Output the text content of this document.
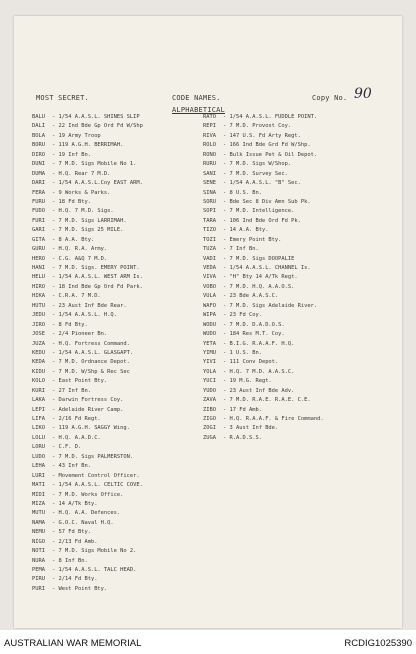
MOST SECRET.	CODE NAMES.	Copy No. 90
ALPHABETICAL
BALU - 1/54 A.A.S.L. SHINES SLIP
DALI - 22 Ind Bde Gp Ord Fd W/Shp
BOLA - 19 Army Troop
BORU - 119 A.G.H. BERRIMAH.
DIRO - 19 Inf Bn.
DUNI - 7 M.D. Sigs Mobile No 1.
DUMA - H.Q. Rear 7 M.D.
DARI - 1/54 A.A.S.L.Coy EAST ARM.
FERA - 9 Works & Parks.
FURU - 18 Fd Bty.
FUDO - H.Q. 7 M.D. Sigs.
FURI - 7 M.D. Sigs LARRIMAH.
GARI - 7 M.D. Sigs 25 MILE.
GITA - 8 A.A. Bty.
GURU - H.Q. R.A. Army.
HERO - C.G. A&Q 7 M.D.
HANI - 7 M.D. Sigs. EMERY POINT.
HELU - 1/54 A.A.S.L. WEST ARM Is.
HIRO - 18 Ind Bde Gp Ord Fd Park.
HIKA - C.R.A. 7 M.D.
HUTU - 23 Aust Inf Bde Rear.
JEDU - 1/54 A.A.S.L. H.Q.
JIRO - 8 Fd Bty.
JOSE - 2/4 Pioneer Bn.
JUZA - H.Q. Fortress Command.
KEDU - 1/54 A.A.S.L. GLASGAPT.
KEDA - 7 M.D. Ordnance Depot.
KIDU - 7 M.D. W/Shp & Rec Sec
KOLO - East Point Bty.
KURI - 27 Inf Bn.
LAKA - Darwin Fortress Coy.
LEPI - Adelaide River Camp.
LIFA - 2/16 Fd Regt.
LIKO - 119 A.G.H. SAGGY Wing.
LOLU - H.Q. A.A.D.C.
LORU - C.F. D.
LUDO - 7 M.D. Sigs PALMERSTON.
LEHA - 43 Inf Bn.
LURI - Movement Control Officer.
MATI - 1/54 A.A.S.L. CELTIC COVE.
MIDI - 7 M.D. Works Office.
MIZA - 14 A/Tk Bty.
MUTU - H.Q. A.A. Defences.
NAMA - G.O.C. Naval H.Q.
NEMU - 57 Fd Bty.
NIGO - 2/13 Fd Amb.
NOTI - 7 M.D. Sigs Mobile No 2.
NURA - 8 Inf Bn.
PEMA - 1/54 A.A.S.L. TALC HEAD.
PIRU - 2/14 Fd Bty.
PURI - West Point Bty.
RATO - 1/54 A.A.S.L. FUDDLE POINT.
REPI - 7 M.D. Provost Coy.
RIVA - 147 U.S. Fd Arty Regt.
ROLO - 166 Ind Bde Grd Fd W/Shp.
RONO - Bulk Issue Pet & Oil Depot.
RURU - 7 M.D. Sigs W/Shop.
SANI - 7 M.D. Survey Sec.
SENE - 1/54 A.A.S.L. "B" Sec.
SINA - 8 U.S. Bn.
SORU - Bde Sec 8 Div Amn Sub Pk.
SOPI - 7 M.D. Intelligence.
TARA - 106 Ind Bde Ord Fd Pk.
TIZO - 14 A.A. Bty.
TOZI - Emery Point Bty.
TUZA - 7 Inf Bn.
VADI - 7 M.D. Sigs DOOPALIE
VEDA - 1/54 A.A.S.L. CHANNEL Is.
VIVA - "H" Bty 14 A/Tk Regt.
VOBO - 7 M.D. H.Q. A.A.O.S.
VULA - 23 Bde A.A.S.C.
WAFO - 7 M.D. Sigs Adelaide River.
WIPA - 23 Fd Coy.
WODU - 7 M.D. D.A.D.O.S.
WUDO - 184 Res M.T. Coy.
YETA - B.I.G. R.A.A.F. H.Q.
YIMU - 1 U.S. Bn.
YIVI - 111 Conv Depot.
YOLA - H.Q. 7 M.D. A.A.S.C.
YUCI - 19 M.G. Regt.
YUDO - 23 Aust Inf Bde Adv.
ZAVA - 7 M.D. R.A.E. R.A.E. C.E.
ZIBO - 17 Fd Amb.
ZIGO - H.Q. R.A.A.F. & Fire Command.
ZOGI - 3 Aust Inf Bde.
ZUGA - R.A.D.S.S.
AUSTRALIAN WAR MEMORIAL	RCDIG1025390
